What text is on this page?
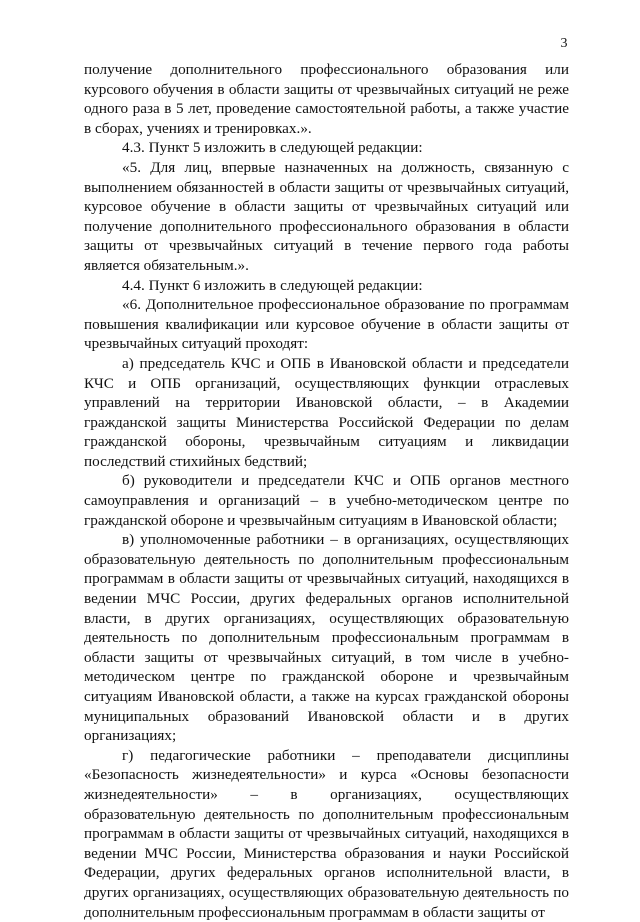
3

получение дополнительного профессионального образования или курсового обучения в области защиты от чрезвычайных ситуаций не реже одного раза в 5 лет, проведение самостоятельной работы, а также участие в сборах, учениях и тренировках.».

4.3. Пункт 5 изложить в следующей редакции:

«5. Для лиц, впервые назначенных на должность, связанную с выполнением обязанностей в области защиты от чрезвычайных ситуаций, курсовое обучение в области защиты от чрезвычайных ситуаций или получение дополнительного профессионального образования в области защиты от чрезвычайных ситуаций в течение первого года работы является обязательным.».

4.4. Пункт 6 изложить в следующей редакции:

«6. Дополнительное профессиональное образование по программам повышения квалификации или курсовое обучение в области защиты от чрезвычайных ситуаций проходят:

а) председатель КЧС и ОПБ в Ивановской области и председатели КЧС и ОПБ организаций, осуществляющих функции отраслевых управлений на территории Ивановской области, – в Академии гражданской защиты Министерства Российской Федерации по делам гражданской обороны, чрезвычайным ситуациям и ликвидации последствий стихийных бедствий;

б) руководители и председатели КЧС и ОПБ органов местного самоуправления и организаций – в учебно-методическом центре по гражданской обороне и чрезвычайным ситуациям в Ивановской области;

в) уполномоченные работники – в организациях, осуществляющих образовательную деятельность по дополнительным профессиональным программам в области защиты от чрезвычайных ситуаций, находящихся в ведении МЧС России, других федеральных органов исполнительной власти, в других организациях, осуществляющих образовательную деятельность по дополнительным профессиональным программам в области защиты от чрезвычайных ситуаций, в том числе в учебно-методическом центре по гражданской обороне и чрезвычайным ситуациям Ивановской области, а также на курсах гражданской обороны муниципальных образований Ивановской области и в других организациях;

г) педагогические работники – преподаватели дисциплины «Безопасность жизнедеятельности» и курса «Основы безопасности жизнедеятельности» – в организациях, осуществляющих образовательную деятельность по дополнительным профессиональным программам в области защиты от чрезвычайных ситуаций, находящихся в ведении МЧС России, Министерства образования и науки Российской Федерации, других федеральных органов исполнительной власти, в других организациях, осуществляющих образовательную деятельность по дополнительным профессиональным программам в области защиты от
